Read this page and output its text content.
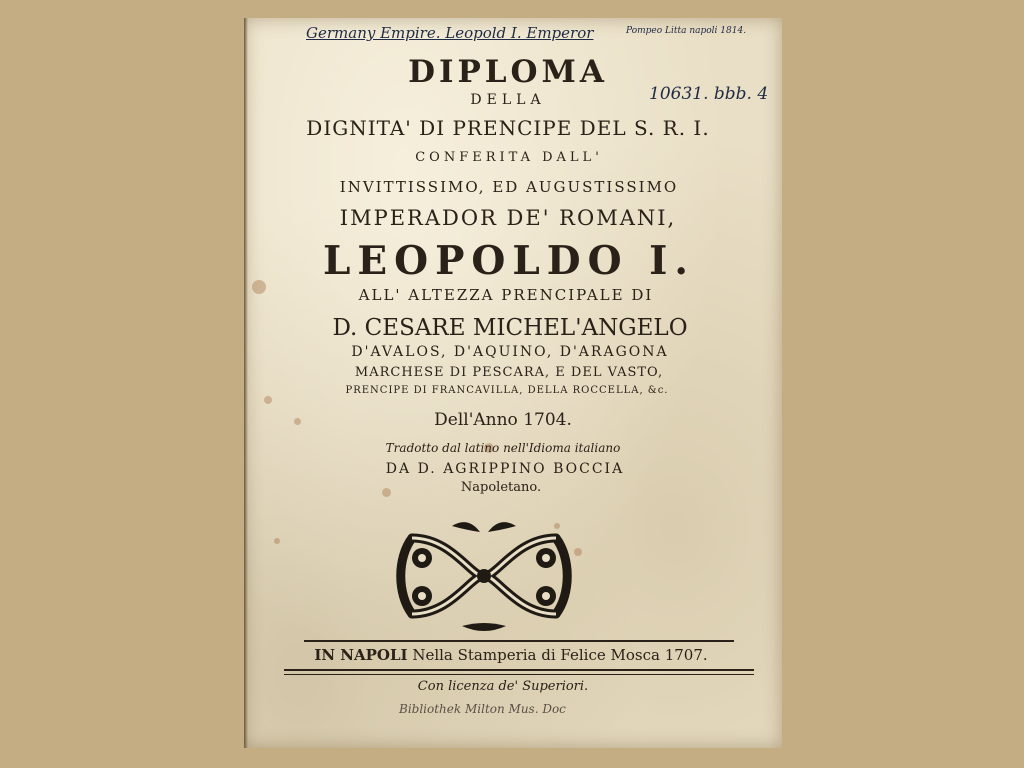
Germany Empire. Leopold I. Emperor	Pompeo Litta napoli 1814.
10631. bbb. 4
DIPLOMA
DELLA
DIGNITA' DI PRENCIPE DEL S. R. I.
CONFERITA DALL'
INVITTISSIMO, ED AUGUSTISSIMO
IMPERADOR DE' ROMANI,
LEOPOLDO I.
ALL' ALTEZZA PRENCIPALE DI
D. CESARE MICHEL'ANGELO
D'AVALOS, D'AQUINO, D'ARAGONA
MARCHESE DI PESCARA, E DEL VASTO,
PRENCIPE DI FRANCAVILLA, DELLA ROCCELLA, &c.
Dell'Anno 1704.
Tradotto dal latino nell'Idioma italiano
DA D. AGRIPPINO BOCCIA
Napoletano.
IN NAPOLI Nella Stamperia di Felice Mosca 1707.
Con licenza de' Superiori.
Bibliothek Milton Mus. Doc
